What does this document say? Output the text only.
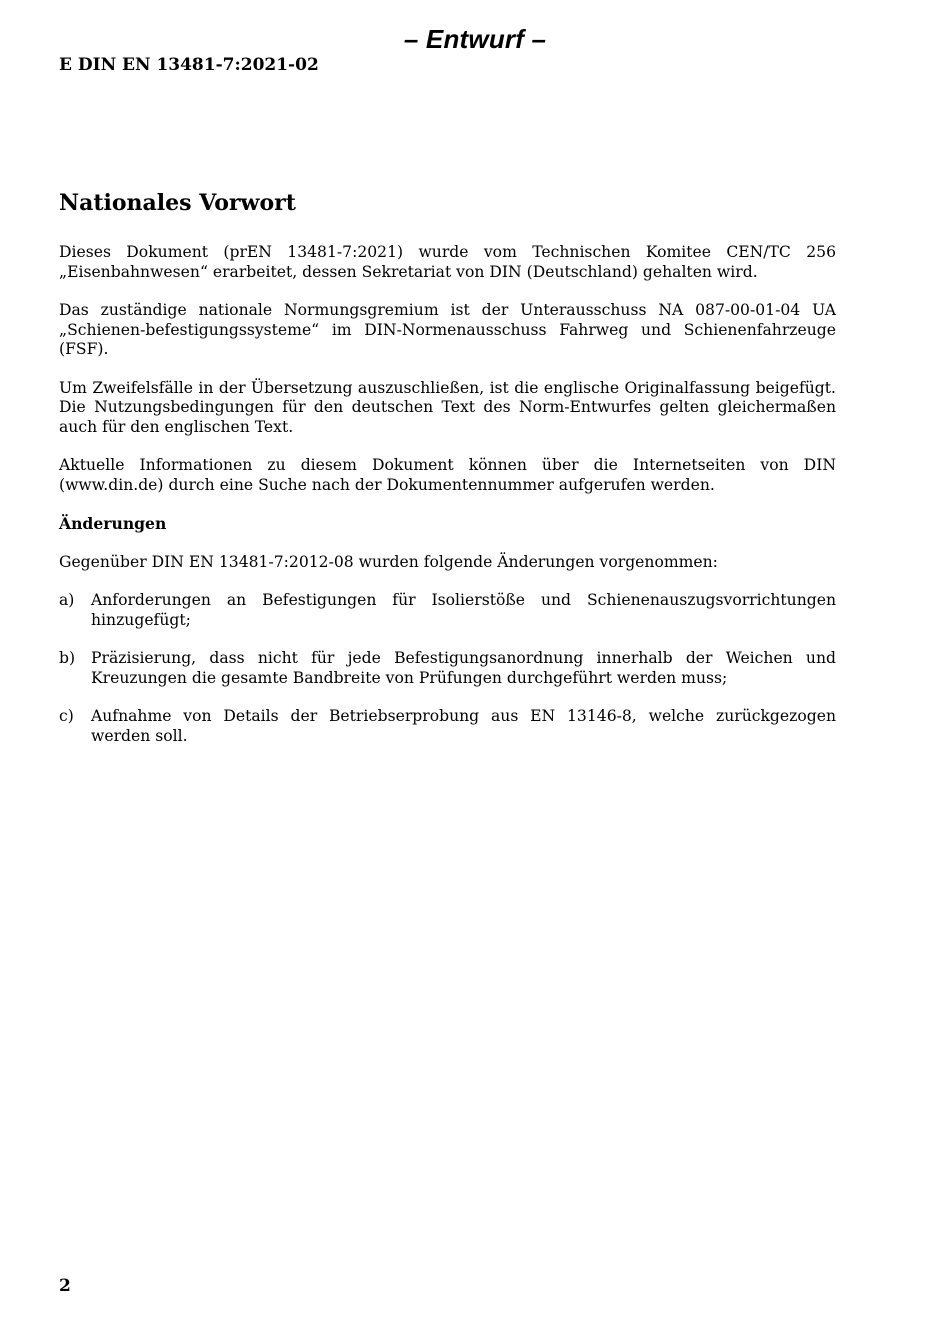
– Entwurf –
E DIN EN 13481-7:2021-02
Nationales Vorwort

Dieses Dokument (prEN 13481-7:2021) wurde vom Technischen Komitee CEN/TC 256 „Eisenbahnwesen“ erarbeitet, dessen Sekretariat von DIN (Deutschland) gehalten wird.

Das zuständige nationale Normungsgremium ist der Unterausschuss NA 087-00-01-04 UA „Schienen-befestigungssysteme“ im DIN-Normenausschuss Fahrweg und Schienenfahrzeuge (FSF).

Um Zweifelsfälle in der Übersetzung auszuschließen, ist die englische Originalfassung beigefügt. Die Nutzungsbedingungen für den deutschen Text des Norm-Entwurfes gelten gleichermaßen auch für den englischen Text.

Aktuelle Informationen zu diesem Dokument können über die Internetseiten von DIN (www.din.de) durch eine Suche nach der Dokumentennummer aufgerufen werden.

Änderungen

Gegenüber DIN EN 13481-7:2012-08 wurden folgende Änderungen vorgenommen:

a)	Anforderungen an Befestigungen für Isolierstöße und Schienenauszugsvorrichtungen hinzugefügt;
b)	Präzisierung, dass nicht für jede Befestigungsanordnung innerhalb der Weichen und Kreuzungen die gesamte Bandbreite von Prüfungen durchgeführt werden muss;
c)	Aufnahme von Details der Betriebserprobung aus EN 13146-8, welche zurückgezogen werden soll.
2
